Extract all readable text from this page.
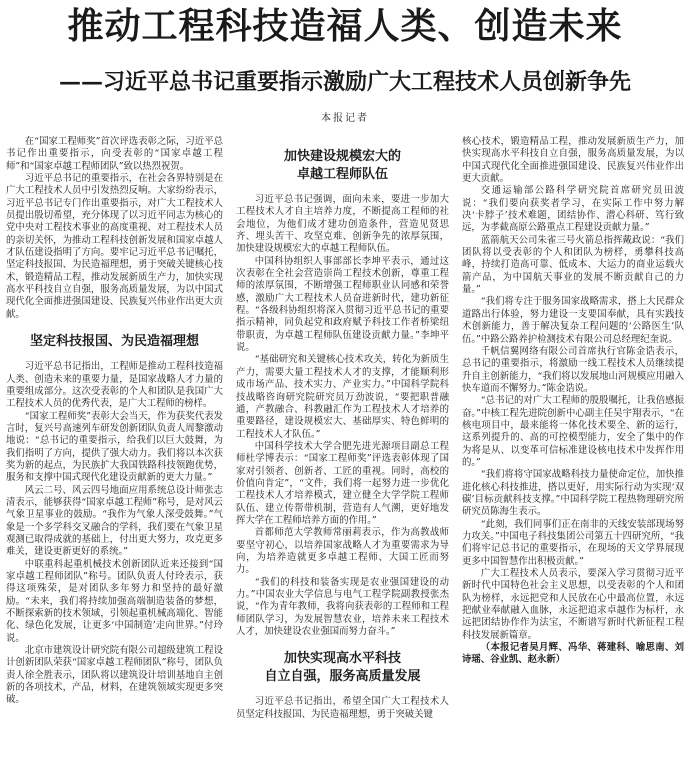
推动工程科技造福人类、创造未来
——习近平总书记重要指示激励广大工程技术人员创新争先
本报记者

在“国家工程师奖”首次评选表彰之际，习近平总书记作出重要指示，向受表彰的“国家卓越工程师”和“国家卓越工程师团队”致以热烈祝贺。

习近平总书记的重要指示，在社会各界特别是在广大工程技术人员中引发热烈反响。大家纷纷表示，习近平总书记专门作出重要指示，对广大工程技术人员提出殷切希望，充分体现了以习近平同志为核心的党中央对工程技术事业的高度重视、对工程技术人员的亲切关怀，为推动工程科技创新发展和国家卓越人才队伍建设指明了方向。要牢记习近平总书记嘱托，坚定科技报国、为民造福理想，勇于突破关键核心技术，锻造精品工程，推动发展新质生产力，加快实现高水平科技自立自强，服务高质量发展，为以中国式现代化全面推进强国建设、民族复兴伟业作出更大贡献。

坚定科技报国、为民造福理想

习近平总书记指出，工程师是推动工程科技造福人类、创造未来的重要力量，是国家战略人才力量的重要组成部分。这次受表彰的个人和团队是我国广大工程技术人员的优秀代表，是广大工程师的榜样。

“国家工程师奖”表彰大会当天，作为获奖代表发言时，复兴号高速列车研发创新团队负责人周黎激动地说：“总书记的重要指示，给我们以巨大鼓舞，为我们指明了方向，提供了强大动力。我们将以本次获奖为新的起点，为民族扩大我国铁路科技领跑优势，服务和支撑中国式现代化建设贡献新的更大力量。”

风云二号、风云四号地面应用系统总设计师张志清表示，能够获得“国家卓越工程师”称号，是对风云气象卫星事业的鼓励。“我作为气象人深受鼓舞。”气象是一个多学科交叉融合的学科，我们要在气象卫星观测已取得成就的基础上，付出更大努力，攻克更多难关，建设更新更好的系统。”

中联重科起重机械技术创新团队近来还接到“国家卓越工程师团队”称号。团队负责人付玲表示，获得这项殊荣，是对团队多年努力和坚持的最好激励。“未来，我们将持续加强高端制造装备的梦想，不断探索新的技术领域，引领起重机械高端化、智能化、绿色化发展，让更多‘中国制造’走向世界。”付玲说。

北京市建筑设计研究院有限公司超级建筑工程设计创新团队荣获“国家卓越工程师团队”称号，团队负责人徐全胜表示，团队将以建筑设计培训基地自主创新的各项技术，产品，材料，在建筑领域实现更多突破。

加快建设规模宏大的
卓越工程师队伍

习近平总书记强调，面向未来，要进一步加大工程技术人才自主培养力度，不断提高工程师的社会地位，为他们成才建功创造条件，营造见贤思齐、埋头苦干、攻坚克难、创新争先的浓厚氛围，加快建设规模宏大的卓越工程师队伍。

中国科协组织人事部部长李坤平表示，通过这次表彰在全社会营造崇尚工程技术创新，尊重工程师的浓厚氛围，不断增强工程师职业认同感和荣誉感，激励广大工程技术人员奋进新时代，建功新征程。“各级科协组织将深入贯彻习近平总书记的重要指示精神，同负起党和政府赋予科技工作者桥梁纽带职责，为卓越工程师队伍建设贡献力量。”李坤平说。

“基础研究和关键核心技术攻关，转化为新质生产力，需要大量工程技术人才的支撑，才能顺利形成市场产品、技术实力、产业实力。”中国科学院科技战略咨询研究院研究员万劲波说，“要把职普融通，产教融合、科教融汇作为工程技术人才培养的重要路径，建设规模宏大、基础厚实、特色鲜明的工程技术人才队伍。”

中国科学技术大学合肥先进光源项目副总工程师杜学博表示：“国家工程师奖”评选表彰体现了国家对引领者、创新者、工匠的重视。同时，高校的价值向肯定”，“文件，我们将一起努力进一步优化工程技术人才培养模式，建立健全大学学院工程师队伍、建立传帮带机制，营造有人气溯，更好地发挥大学在工程师培养方面的作用。”

首都师范大学教师常丽莉表示，作为高教战师要坚守初心，以培养国家战略人才为重要需求为导向，为培养造就更多卓越工程师、大国工匠而努力。

“我们的科技和装备实现是农业强国建设的动力。”中国农业大学信息与电气工程学院副教授张杰说，“作为青年教师，我将向获表彰的工程师和工程师团队学习，为发展智慧农业，培养未来工程技术人才，加快建设农业强国而努力奋斗。”

加快实现高水平科技
自立自强，服务高质量发展

习近平总书记指出，希望全国广大工程技术人员坚定科技报国、为民造福理想，勇于突破关键

核心技术，锻造精品工程，推动发展新质生产力，加快实现高水平科技自立自强，服务高质量发展，为以中国式现代化全面推进强国建设、民族复兴伟业作出更大贡献。

交通运输部公路科学研究院首席研究员田波说：“我们要向获奖者学习，在实际工作中努力解决‘卡脖子’技术难题，团结协作、潜心科研、笃行致远，为孝截高原公路重点工程建设贡献力量。”

蓝箭航天公司朱雀三号火箭总指挥戴政说：“我们团队将以受表彰的个人和团队为榜样，勇攀科技高峰，持续打造高可靠、低成本、大运力的商业运载火箭产品，为中国航天事业的发展不断贡献自己的力量。”

“我们将专注于服务国家战略需求，搭上大民群众道路出行体验，努力建设一支要国奉献，具有实践技术创新能力，善于解决复杂工程问题的‘公路医生’队伍。”中路公路养护检测技术有限公司总经理纪奎说。

千帆信翼网络有限公司首席执行官陈金诰表示，总书记的重要指示，将激励一线工程技术人员继续提升自主创新能力，“我们将以发展地山河规模应用融入快车道而不懈努力。”陈金诰说。

“总书记的对广大工程师的殷殷嘱托，让我倍感振奋。”中核工程先进院创新中心副主任吴宇翔表示，“在核电项目中，最来能将一体化技术要全、新的运行，这系列提升的、高的可控模型能力，安全了集中的作为将是从、以变革可信标准建设核电技术中发挥作用的。”

“我们将将守国家战略科技力量使命定位，加快推进化核心科技推进，搭以更好，用实际行动为实现‘双碳’目标贡献科技支撑。”中国科学院工程热物理研究所研究员陈海生表示。

“此刻，我们同事们正在南非的天线安装部现场努力攻关。”中国电子科技集团公司第五十四研究所，“我们将牢记总书记的重要指示，在现场的天文学界展现更多中国智慧作出积极贡献。”

广大工程技术人员表示，要深入学习贯彻习近平新时代中国特色社会主义思想，以受表彰的个人和团队为榜样，永远把党和人民放在心中最高位置，永远把献业奉献融入血脉，永远把追求卓越作为标杆，永远把团结协作作为法宝，不断谱写新时代新征程工程科技发展新篇章。

（本报记者吴月辉、冯华、蒋建科、喻思南、刘诗瑶、谷业凯、赵永新）
